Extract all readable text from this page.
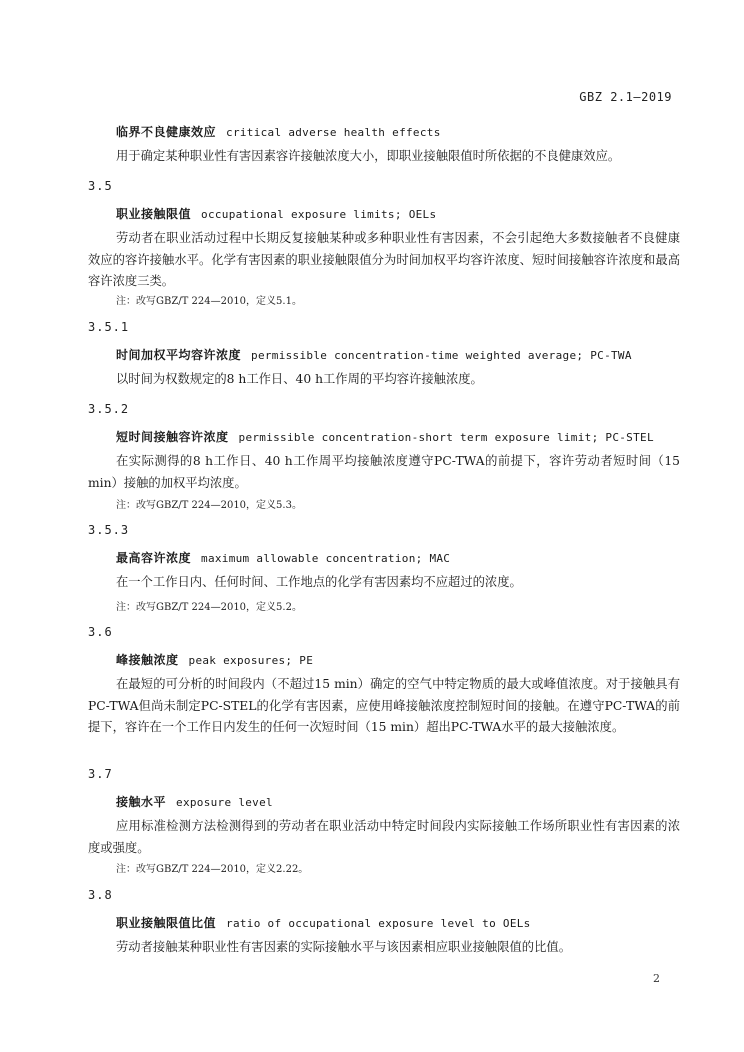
GBZ 2.1—2019
临界不良健康效应 critical adverse health effects
用于确定某种职业性有害因素容许接触浓度大小，即职业接触限值时所依据的不良健康效应。
3.5
职业接触限值 occupational exposure limits; OELs
劳动者在职业活动过程中长期反复接触某种或多种职业性有害因素，不会引起绝大多数接触者不良健康效应的容许接触水平。化学有害因素的职业接触限值分为时间加权平均容许浓度、短时间接触容许浓度和最高容许浓度三类。
注：改写GBZ/T 224—2010，定义5.1。
3.5.1
时间加权平均容许浓度 permissible concentration-time weighted average; PC-TWA
以时间为权数规定的8 h工作日、40 h工作周的平均容许接触浓度。
3.5.2
短时间接触容许浓度 permissible concentration-short term exposure limit; PC-STEL
在实际测得的8 h工作日、40 h工作周平均接触浓度遵守PC-TWA的前提下，容许劳动者短时间（15 min）接触的加权平均浓度。
注：改写GBZ/T 224—2010，定义5.3。
3.5.3
最高容许浓度 maximum allowable concentration; MAC
在一个工作日内、任何时间、工作地点的化学有害因素均不应超过的浓度。
注：改写GBZ/T 224—2010，定义5.2。
3.6
峰接触浓度 peak exposures; PE
在最短的可分析的时间段内（不超过15 min）确定的空气中特定物质的最大或峰值浓度。对于接触具有PC-TWA但尚未制定PC-STEL的化学有害因素，应使用峰接触浓度控制短时间的接触。在遵守PC-TWA的前提下，容许在一个工作日内发生的任何一次短时间（15 min）超出PC-TWA水平的最大接触浓度。
3.7
接触水平 exposure level
应用标准检测方法检测得到的劳动者在职业活动中特定时间段内实际接触工作场所职业性有害因素的浓度或强度。
注：改写GBZ/T 224—2010，定义2.22。
3.8
职业接触限值比值 ratio of occupational exposure level to OELs
劳动者接触某种职业性有害因素的实际接触水平与该因素相应职业接触限值的比值。
2
